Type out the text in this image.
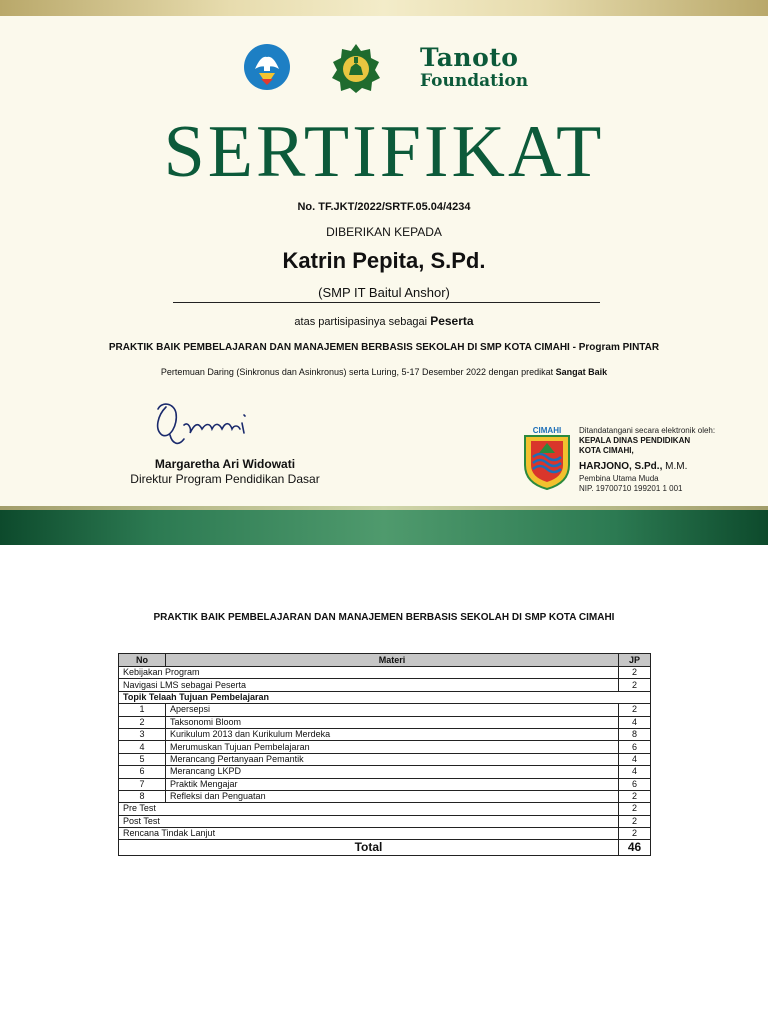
Tanoto
Foundation
SERTIFIKAT
No. TF.JKT/2022/SRTF.05.04/4234
DIBERIKAN KEPADA
Katrin Pepita, S.Pd.
(SMP IT Baitul Anshor)
atas partisipasinya sebagai Peserta
PRAKTIK BAIK PEMBELAJARAN DAN MANAJEMEN BERBASIS SEKOLAH DI SMP KOTA CIMAHI - Program PINTAR
Pertemuan Daring (Sinkronus dan Asinkronus) serta Luring, 5-17 Desember 2022 dengan predikat Sangat Baik
Margaretha Ari Widowati
Direktur Program Pendidikan Dasar
CIMAHI Ditandatangani secara elektronik oleh:
KEPALA DINAS PENDIDIKAN
KOTA CIMAHI,
HARJONO, S.Pd., M.M.
Pembina Utama Muda
NIP. 19700710 199201 1 001
PRAKTIK BAIK PEMBELAJARAN DAN MANAJEMEN BERBASIS SEKOLAH DI SMP KOTA CIMAHI
No	Materi	JP
Kebijakan Program		2
Navigasi LMS sebagai Peserta		2
Topik Telaah Tujuan Pembelajaran		
1	Apersepsi	2
2	Taksonomi Bloom	4
3	Kurikulum 2013 dan Kurikulum Merdeka	8
4	Merumuskan Tujuan Pembelajaran	6
5	Merancang Pertanyaan Pemantik	4
6	Merancang LKPD	4
7	Praktik Mengajar	6
8	Refleksi dan Penguatan	2
Pre Test		2
Post Test		2
Rencana Tindak Lanjut		2
Total		46
